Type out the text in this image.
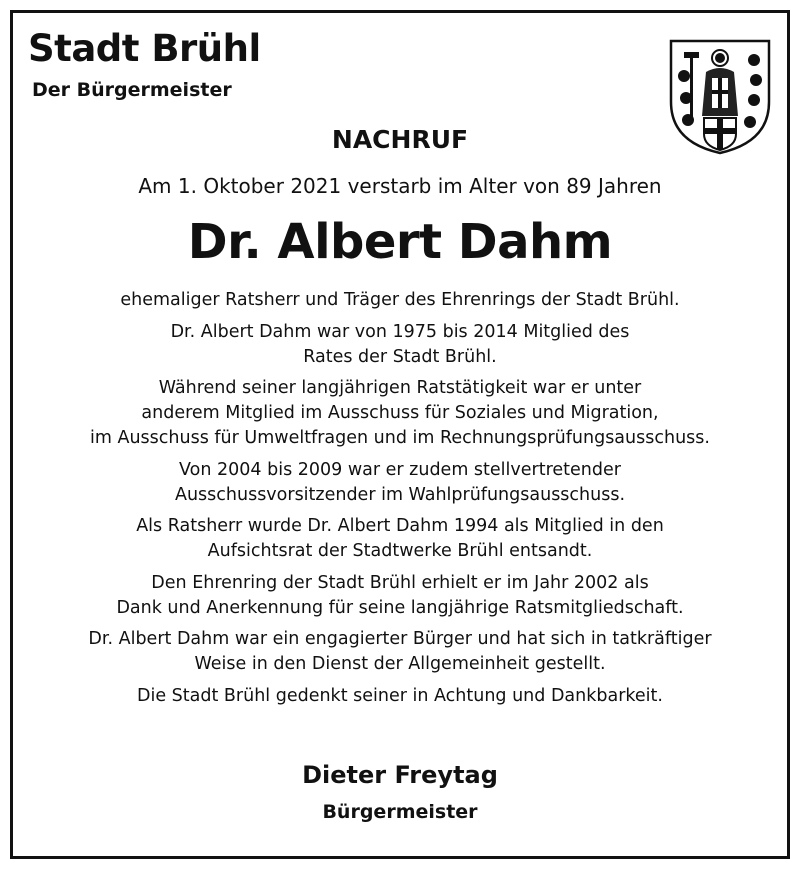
Stadt Brühl
Der Bürgermeister
NACHRUF
Am 1. Oktober 2021 verstarb im Alter von 89 Jahren
Dr. Albert Dahm

ehemaliger Ratsherr und Träger des Ehrenrings der Stadt Brühl.

Dr. Albert Dahm war von 1975 bis 2014 Mitglied des
Rates der Stadt Brühl.

Während seiner langjährigen Ratstätigkeit war er unter
anderem Mitglied im Ausschuss für Soziales und Migration,
im Ausschuss für Umweltfragen und im Rechnungsprüfungsausschuss.

Von 2004 bis 2009 war er zudem stellvertretender
Ausschussvorsitzender im Wahlprüfungsausschuss.

Als Ratsherr wurde Dr. Albert Dahm 1994 als Mitglied in den
Aufsichtsrat der Stadtwerke Brühl entsandt.

Den Ehrenring der Stadt Brühl erhielt er im Jahr 2002 als
Dank und Anerkennung für seine langjährige Ratsmitgliedschaft.

Dr. Albert Dahm war ein engagierter Bürger und hat sich in tatkräftiger
Weise in den Dienst der Allgemeinheit gestellt.

Die Stadt Brühl gedenkt seiner in Achtung und Dankbarkeit.

Dieter Freytag
Bürgermeister
